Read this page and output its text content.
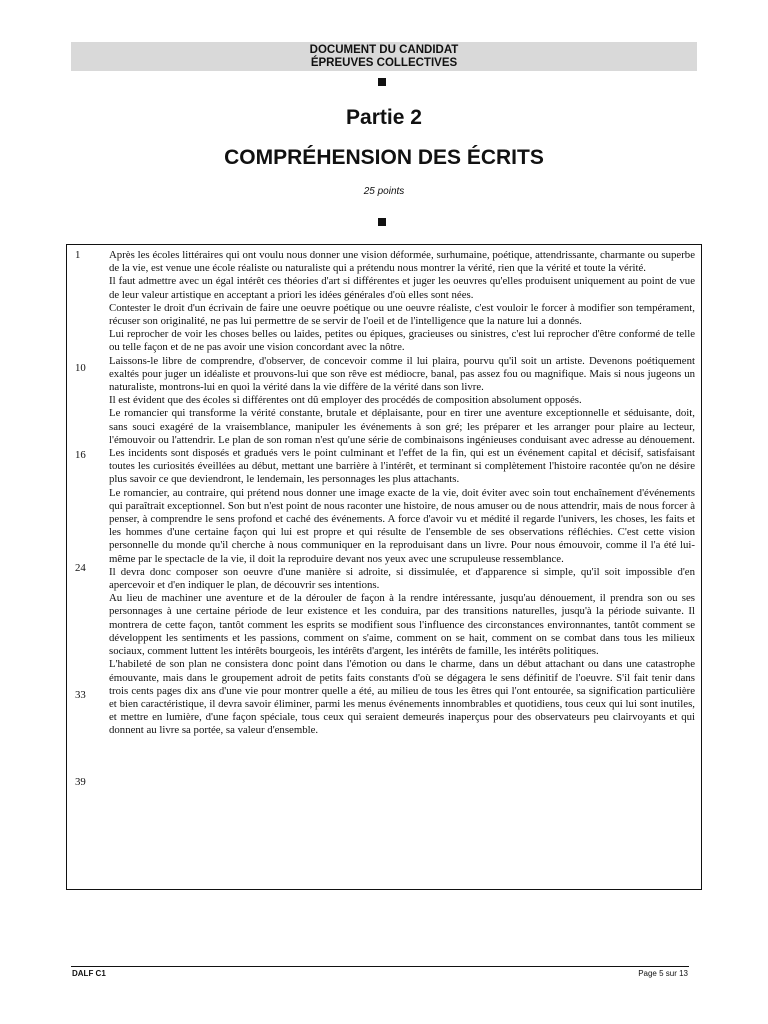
DOCUMENT DU CANDIDAT
ÉPREUVES COLLECTIVES
Partie 2
COMPRÉHENSION DES ÉCRITS
25 points
1
10
16
24
33
39
Après les écoles littéraires qui ont voulu nous donner une vision déformée, surhumaine, poétique, attendrissante, charmante ou superbe de la vie, est venue une école réaliste ou naturaliste qui a prétendu nous montrer la vérité, rien que la vérité et toute la vérité.
Il faut admettre avec un égal intérêt ces théories d'art si différentes et juger les oeuvres qu'elles produisent uniquement au point de vue de leur valeur artistique en acceptant a priori les idées générales d'où elles sont nées.
Contester le droit d'un écrivain de faire une oeuvre poétique ou une oeuvre réaliste, c'est vouloir le forcer à modifier son tempérament, récuser son originalité, ne pas lui permettre de se servir de l'oeil et de l'intelligence que la nature lui a donnés.
Lui reprocher de voir les choses belles ou laides, petites ou épiques, gracieuses ou sinistres, c'est lui reprocher d'être conformé de telle ou telle façon et de ne pas avoir une vision concordant avec la nôtre.
Laissons-le libre de comprendre, d'observer, de concevoir comme il lui plaira, pourvu qu'il soit un artiste. Devenons poétiquement exaltés pour juger un idéaliste et prouvons-lui que son rêve est médiocre, banal, pas assez fou ou magnifique. Mais si nous jugeons un naturaliste, montrons-lui en quoi la vérité dans la vie diffère de la vérité dans son livre.
Il est évident que des écoles si différentes ont dû employer des procédés de composition absolument opposés.
Le romancier qui transforme la vérité constante, brutale et déplaisante, pour en tirer une aventure exceptionnelle et séduisante, doit, sans souci exagéré de la vraisemblance, manipuler les événements à son gré; les préparer et les arranger pour plaire au lecteur, l'émouvoir ou l'attendrir. Le plan de son roman n'est qu'une série de combinaisons ingénieuses conduisant avec adresse au dénouement. Les incidents sont disposés et gradués vers le point culminant et l'effet de la fin, qui est un événement capital et décisif, satisfaisant toutes les curiosités éveillées au début, mettant une barrière à l'intérêt, et terminant si complètement l'histoire racontée qu'on ne désire plus savoir ce que deviendront, le lendemain, les personnages les plus attachants.
Le romancier, au contraire, qui prétend nous donner une image exacte de la vie, doit éviter avec soin tout enchaînement d'événements qui paraîtrait exceptionnel. Son but n'est point de nous raconter une histoire, de nous amuser ou de nous attendrir, mais de nous forcer à penser, à comprendre le sens profond et caché des événements. A force d'avoir vu et médité il regarde l'univers, les choses, les faits et les hommes d'une certaine façon qui lui est propre et qui résulte de l'ensemble de ses observations réfléchies. C'est cette vision personnelle du monde qu'il cherche à nous communiquer en la reproduisant dans un livre. Pour nous émouvoir, comme il l'a été lui-même par le spectacle de la vie, il doit la reproduire devant nos yeux avec une scrupuleuse ressemblance.
Il devra donc composer son oeuvre d'une manière si adroite, si dissimulée, et d'apparence si simple, qu'il soit impossible d'en apercevoir et d'en indiquer le plan, de découvrir ses intentions.
Au lieu de machiner une aventure et de la dérouler de façon à la rendre intéressante, jusqu'au dénouement, il prendra son ou ses personnages à une certaine période de leur existence et les conduira, par des transitions naturelles, jusqu'à la période suivante. Il montrera de cette façon, tantôt comment les esprits se modifient sous l'influence des circonstances environnantes, tantôt comment se développent les sentiments et les passions, comment on s'aime, comment on se hait, comment on se combat dans tous les milieux sociaux, comment luttent les intérêts bourgeois, les intérêts d'argent, les intérêts de famille, les intérêts politiques.
L'habileté de son plan ne consistera donc point dans l'émotion ou dans le charme, dans un début attachant ou dans une catastrophe émouvante, mais dans le groupement adroit de petits faits constants d'où se dégagera le sens définitif de l'oeuvre. S'il fait tenir dans trois cents pages dix ans d'une vie pour montrer quelle a été, au milieu de tous les êtres qui l'ont entourée, sa signification particulière et bien caractéristique, il devra savoir éliminer, parmi les menus événements innombrables et quotidiens, tous ceux qui lui sont inutiles, et mettre en lumière, d'une façon spéciale, tous ceux qui seraient demeurés inaperçus pour des observateurs peu clairvoyants et qui donnent au livre sa portée, sa valeur d'ensemble.
DALF C1	Page 5 sur 13
